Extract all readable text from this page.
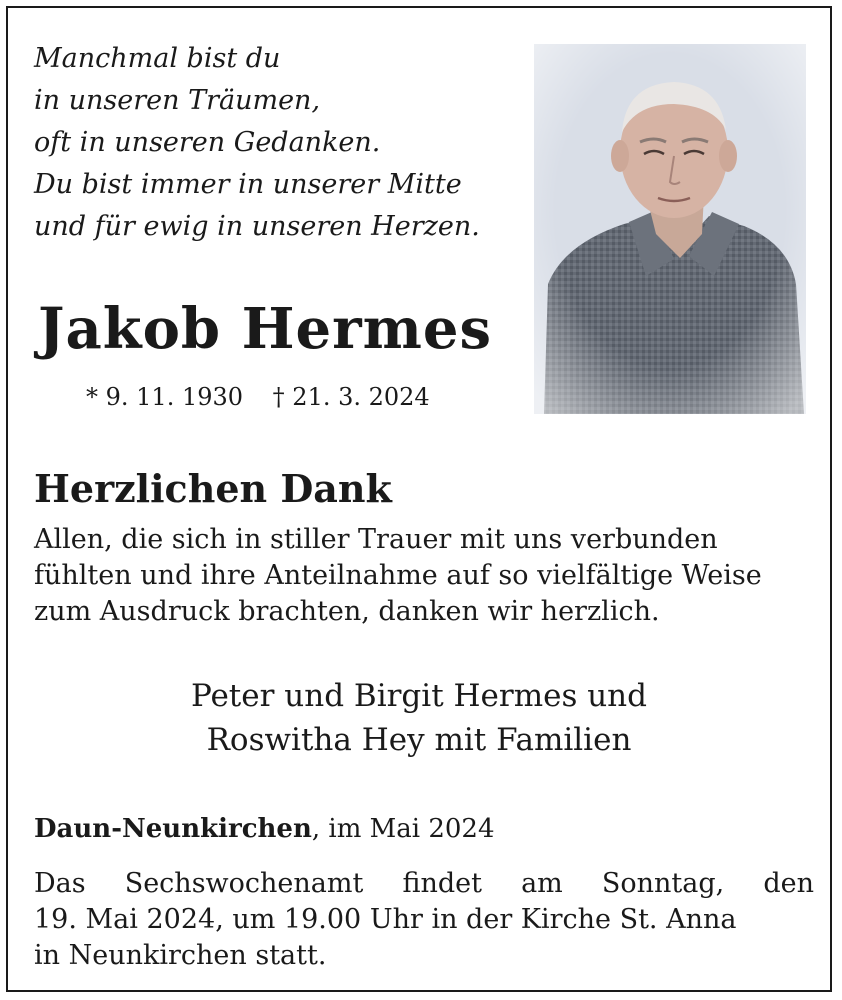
Manchmal bist du
in unseren Träumen,
oft in unseren Gedanken.
Du bist immer in unserer Mitte
und für ewig in unseren Herzen.
Jakob Hermes
* 9. 11. 1930 † 21. 3. 2024
Herzlichen Dank
Allen, die sich in stiller Trauer mit uns verbunden
fühlten und ihre Anteilnahme auf so vielfältige Weise
zum Ausdruck brachten, danken wir herzlich.
Peter und Birgit Hermes und
Roswitha Hey mit Familien
Daun-Neunkirchen, im Mai 2024
Das Sechswochenamt findet am Sonntag, den
19. Mai 2024, um 19.00 Uhr in der Kirche St. Anna
in Neunkirchen statt.
